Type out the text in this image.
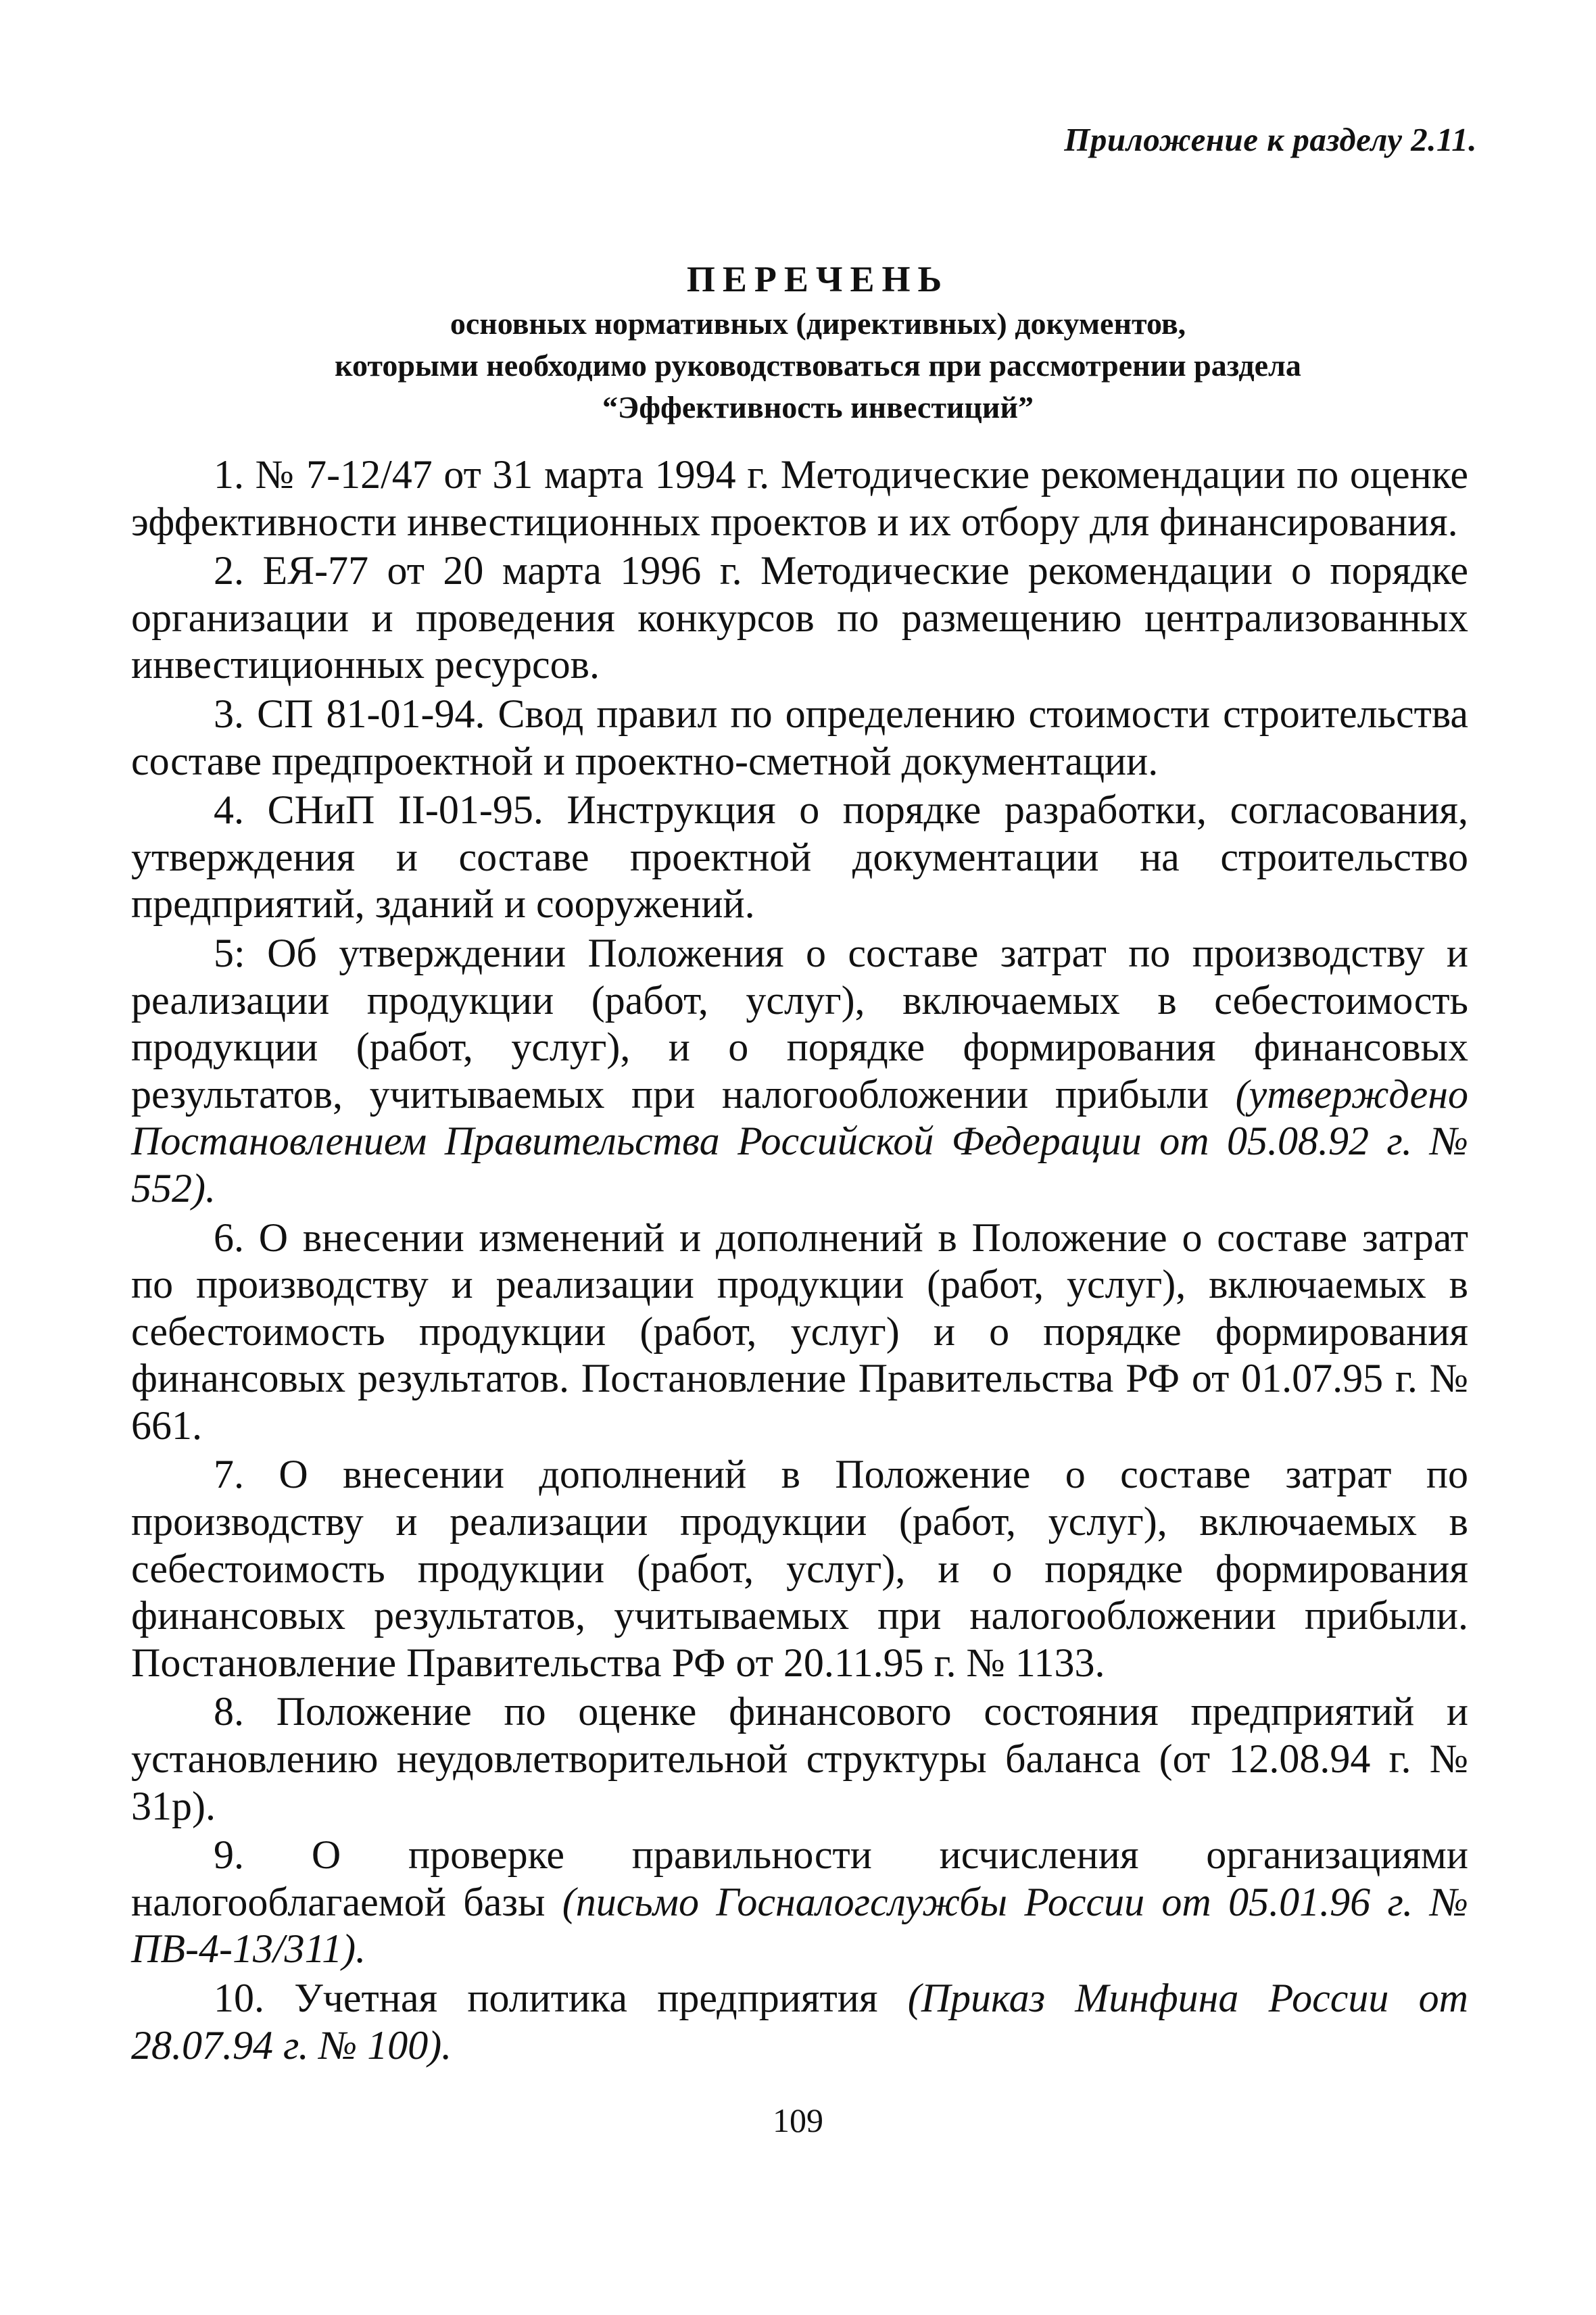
Приложение к разделу 2.11.
ПЕРЕЧЕНЬ
основных нормативных (директивных) документов,
которыми необходимо руководствоваться при рассмотрении раздела
“Эффективность инвестиций”

1. № 7-12/47 от 31 марта 1994 г. Методические рекомендации по оценке эффективности инвестиционных проектов и их отбору для финансирования.

2. ЕЯ-77 от 20 марта 1996 г. Методические рекомендации о порядке организации и проведения конкурсов по размещению централизованных инвестиционных ресурсов.

3. СП 81-01-94. Свод правил по определению стоимости строительства составе предпроектной и проектно-сметной документации.

4. СНиП II-01-95. Инструкция о порядке разработки, согласования, утверждения и составе проектной документации на строительство предприятий, зданий и сооружений.

5: Об утверждении Положения о составе затрат по производству и реализации продукции (работ, услуг), включаемых в себестоимость продукции (работ, услуг), и о порядке формирования финансовых результатов, учитываемых при налогообложении прибыли (утверждено Постановлением Правительства Российской Федерации от 05.08.92 г. № 552).

6. О внесении изменений и дополнений в Положение о составе затрат по производству и реализации продукции (работ, услуг), включаемых в себестоимость продукции (работ, услуг) и о порядке формирования финансовых результатов. Постановление Правительства РФ от 01.07.95 г. № 661.

7. О внесении дополнений в Положение о составе затрат по производству и реализации продукции (работ, услуг), включаемых в себестоимость продукции (работ, услуг), и о порядке формирования финансовых результатов, учитываемых при налогообложении прибыли. Постановление Правительства РФ от 20.11.95 г. № 1133.

8. Положение по оценке финансового состояния предприятий и установлению неудовлетворительной структуры баланса (от 12.08.94 г. № 31р).

9. О проверке правильности исчисления организациями налогооблагаемой базы (письмо Госналогслужбы России от 05.01.96 г. № ПВ-4-13/311).

10. Учетная политика предприятия (Приказ Минфина России от 28.07.94 г. № 100).

109
